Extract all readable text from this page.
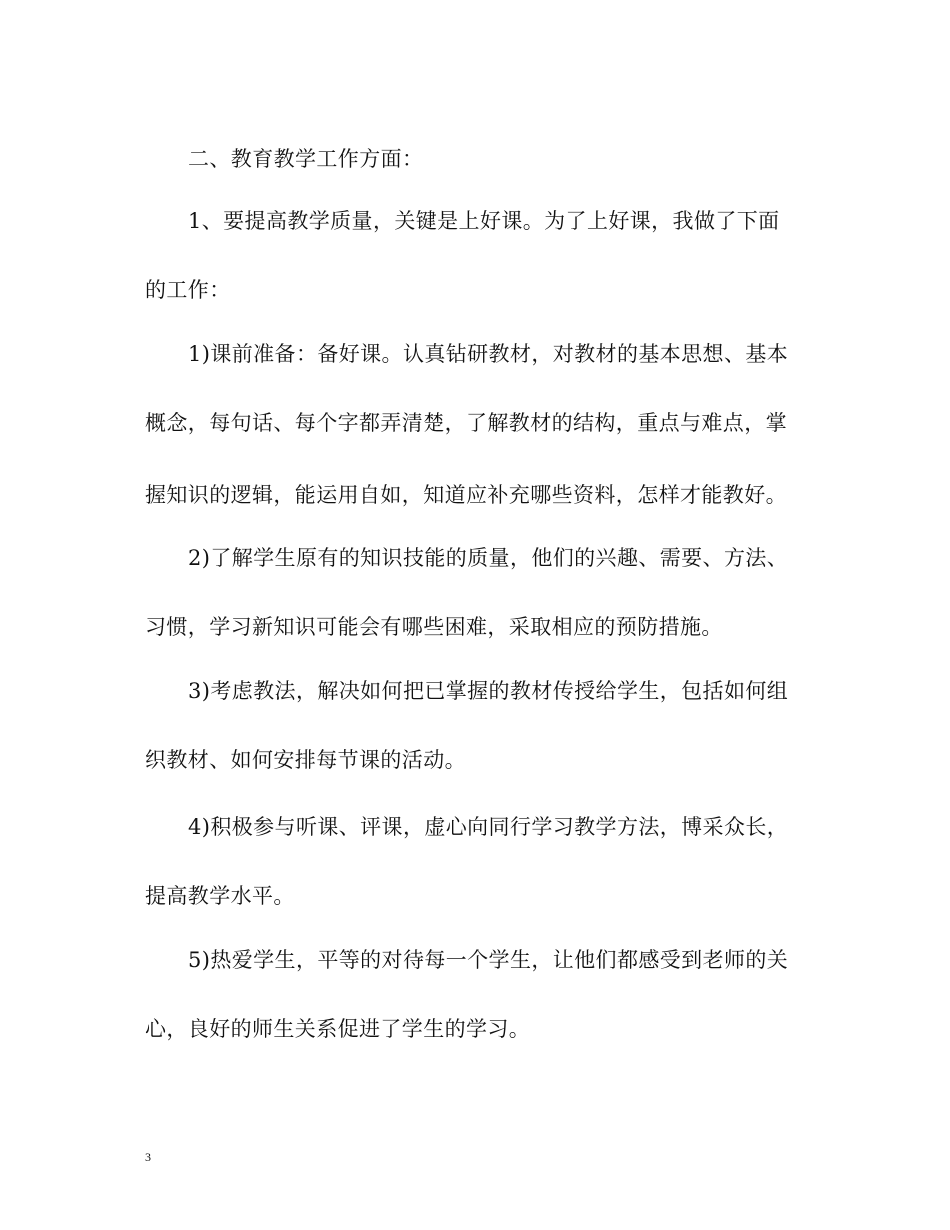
二、教育教学工作方面：
1、要提高教学质量，关键是上好课。为了上好课，我做了下面
的工作：
1)课前准备：备好课。认真钻研教材，对教材的基本思想、基本
概念，每句话、每个字都弄清楚，了解教材的结构，重点与难点，掌
握知识的逻辑，能运用自如，知道应补充哪些资料，怎样才能教好。
2)了解学生原有的知识技能的质量，他们的兴趣、需要、方法、
习惯，学习新知识可能会有哪些困难，采取相应的预防措施。
3)考虑教法，解决如何把已掌握的教材传授给学生，包括如何组
织教材、如何安排每节课的活动。
4)积极参与听课、评课，虚心向同行学习教学方法，博采众长，
提高教学水平。
5)热爱学生，平等的对待每一个学生，让他们都感受到老师的关
心，良好的师生关系促进了学生的学习。
3
